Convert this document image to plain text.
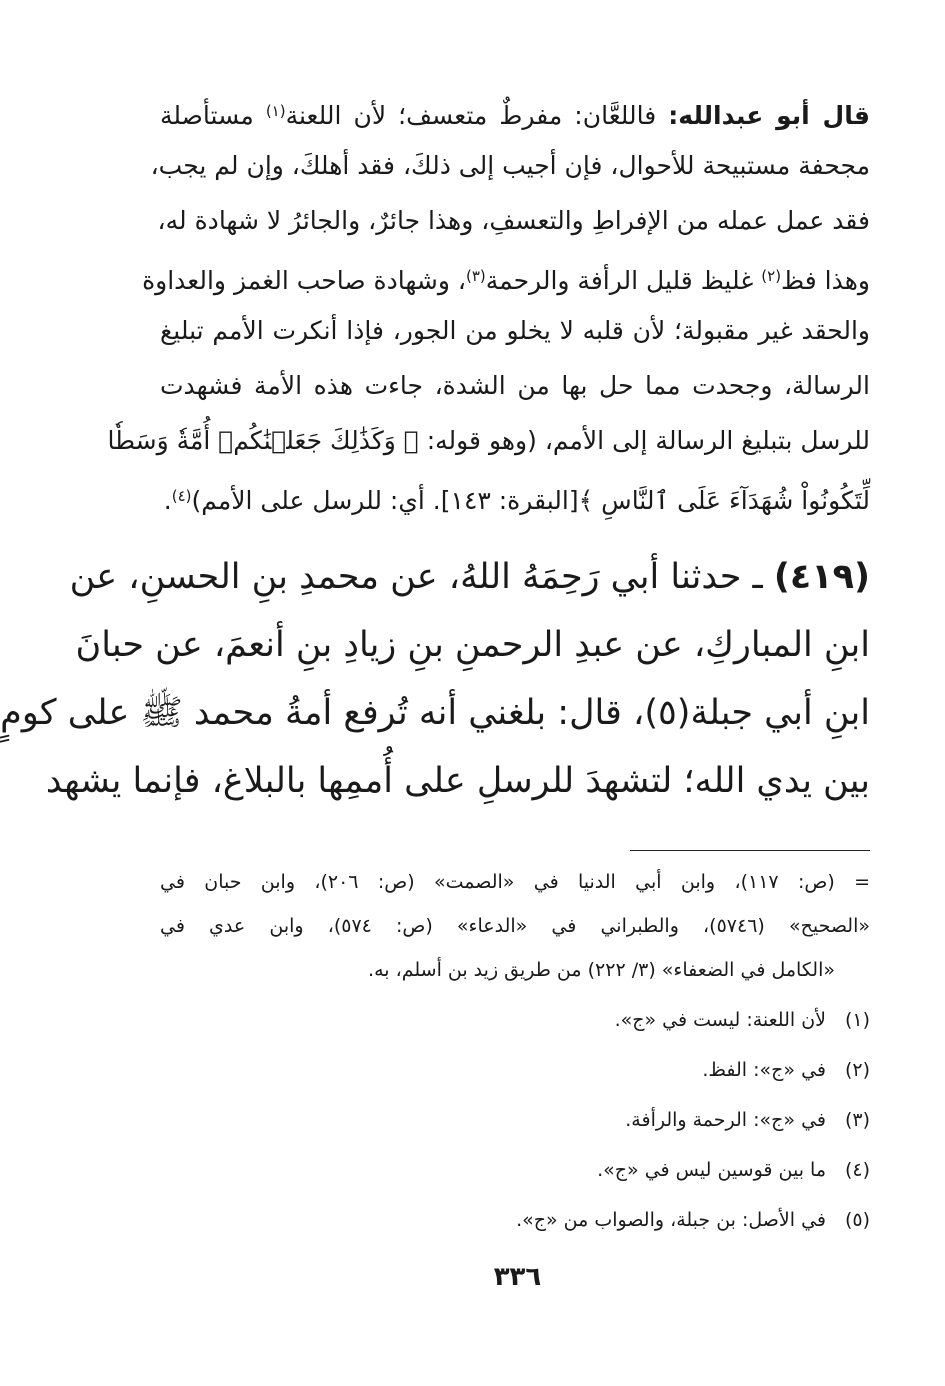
قال أبو عبدالله: فاللعَّان: مفرطٌ متعسف؛ لأن اللعنة$^{(١)}$ مستأصلة
مجحفة مستبيحة للأحوال، فإن أجيب إلى ذلكَ، فقد أهلكَ، وإن لم يجب،
فقد عمل عمله من الإفراطِ والتعسفِ، وهذا جائرٌ، والجائرُ لا شهادة له،
وهذا فظ$^{(٢)}$ غليظ قليل الرأفة والرحمة$^{(٣)}$، وشهادة صاحب الغمز والعداوة
والحقد غير مقبولة؛ لأن قلبه لا يخلو من الجور، فإذا أنكرت الأمم تبليغ
الرسالة، وجحدت مما حل بها من الشدة، جاءت هذه الأمة فشهدت
للرسل بتبليغ الرسالة إلى الأمم، (وهو قوله: ﴿ وَكَذَٰلِكَ جَعَلۡنَٰكُمۡ أُمَّةٗ وَسَطٗا
لِّتَكُونُواْ شُهَدَآءَ عَلَى ٱلنَّاسِ ﴾[البقرة: ١٤٣]. أي: للرسل على الأمم)$^{(٤)}$.
(٤١٩) ـ حدثنا أبي رَحِمَهُ اللهُ، عن محمدِ بنِ الحسنِ، عن
ابنِ المباركِ، عن عبدِ الرحمنِ بنِ زيادِ بنِ أنعمَ، عن حبانَ
ابنِ أبي جبلة(٥)، قال: بلغني أنه تُرفع أمةُ محمد ﷺ على كومٍ
بين يدي الله؛ لتشهدَ للرسلِ على أُممِها بالبلاغ، فإنما يشهد
= (ص: ١١٧)، وابن أبي الدنيا في «الصمت» (ص: ٢٠٦)، وابن حبان في
«الصحيح» (٥٧٤٦)، والطبراني في «الدعاء» (ص: ٥٧٤)، وابن عدي في
«الكامل في الضعفاء» (٣/ ٢٢٢) من طريق زيد بن أسلم، به.
(١)لأن اللعنة: ليست في «ج».
(٢)في «ج»: الفظ.
(٣)في «ج»: الرحمة والرأفة.
(٤)ما بين قوسين ليس في «ج».
(٥)في الأصل: بن جبلة، والصواب من «ج».
٣٣٦
